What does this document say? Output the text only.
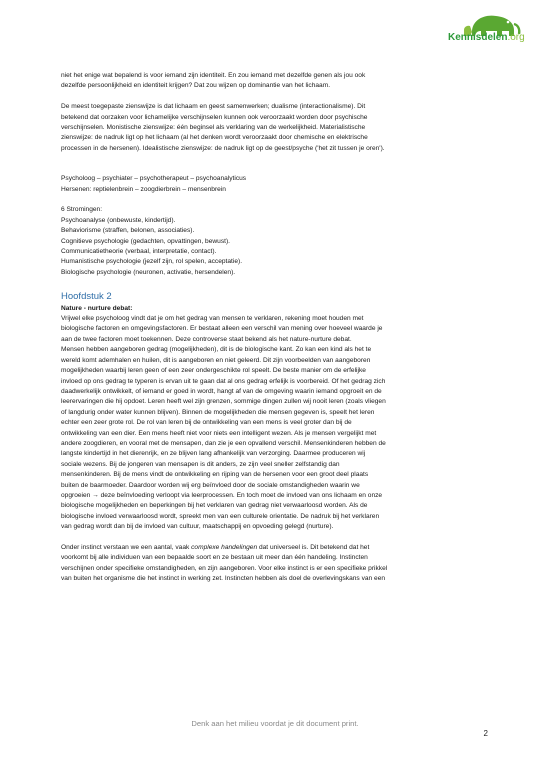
Kennisdelen.org

niet het enige wat bepalend is voor iemand zijn identiteit. En zou iemand met dezelfde genen als jou ook

dezelfde persoonlijkheid en identiteit krijgen? Dat zou wijzen op dominantie van het lichaam.

De meest toegepaste zienswijze is dat lichaam en geest samenwerken; dualisme (interactionalisme). Dit

betekend dat oorzaken voor lichamelijke verschijnselen kunnen ook veroorzaakt worden door psychische

verschijnselen. Monistische zienswijze: één beginsel als verklaring van de werkelijkheid. Materialistische

zienswijze: de nadruk ligt op het lichaam (al het denken wordt veroorzaakt door chemische en elektrische

processen in de hersenen). Idealistische zienswijze: de nadruk ligt op de geest/psyche ('het zit tussen je oren').

Psycholoog – psychiater – psychotherapeut – psychoanalyticus

Hersenen: reptielenbrein – zoogdierbrein – mensenbrein

6 Stromingen:

Psychoanalyse (onbewuste, kindertijd).

Behaviorisme (straffen, belonen, associaties).

Cognitieve psychologie (gedachten, opvattingen, bewust).

Communicatietheorie (verbaal, interpretatie, contact).

Humanistische psychologie (jezelf zijn, rol spelen, acceptatie).

Biologische psychologie (neuronen, activatie, hersendelen).

Hoofdstuk 2

Nature - nurture debat:

Vrijwel elke psycholoog vindt dat je om het gedrag van mensen te verklaren, rekening moet houden met

biologische factoren en omgevingsfactoren. Er bestaat alleen een verschil van mening over hoeveel waarde je

aan de twee factoren moet toekennen. Deze controverse staat bekend als het nature-nurture debat.

Mensen hebben aangeboren gedrag (mogelijkheden), dit is de biologische kant. Zo kan een kind als het te

wereld komt ademhalen en huilen, dit is aangeboren en niet geleerd. Dit zijn voorbeelden van aangeboren

mogelijkheden waarbij leren geen of een zeer ondergeschikte rol speelt. De beste manier om de erfelijke

invloed op ons gedrag te typeren is ervan uit te gaan dat al ons gedrag erfelijk is voorbereid. Of het gedrag zich

daadwerkelijk ontwikkelt, of iemand er goed in wordt, hangt af van de omgeving waarin iemand opgroeit en de

leerervaringen die hij opdoet. Leren heeft wel zijn grenzen, sommige dingen zullen wij nooit leren (zoals vliegen

of langdurig onder water kunnen blijven). Binnen de mogelijkheden die mensen gegeven is, speelt het leren

echter een zeer grote rol. De rol van leren bij de ontwikkeling van een mens is veel groter dan bij de

ontwikkeling van een dier. Een mens heeft niet voor niets een intelligent wezen. Als je mensen vergelijkt met

andere zoogdieren, en vooral met de mensapen, dan zie je een opvallend verschil. Mensenkinderen hebben de

langste kindertijd in het dierenrijk, en ze blijven lang afhankelijk van verzorging. Daarmee produceren wij

sociale wezens. Bij de jongeren van mensapen is dit anders, ze zijn veel sneller zelfstandig dan

mensenkinderen. Bij de mens vindt de ontwikkeling en rijping van de hersenen voor een groot deel plaats

buiten de baarmoeder. Daardoor worden wij erg beïnvloed door de sociale omstandigheden waarin we

opgroeien → deze beïnvloeding verloopt via leerprocessen. En toch moet de invloed van ons lichaam en onze

biologische mogelijkheden en beperkingen bij het verklaren van gedrag niet verwaarloosd worden. Als de

biologische invloed verwaarloosd wordt, spreekt men van een culturele orientatie. De nadruk bij het verklaren

van gedrag wordt dan bij de invloed van cultuur, maatschappij en opvoeding gelegd (nurture).

Onder instinct verstaan we een aantal, vaak complexe handelingen dat universeel is. Dit betekend dat het

voorkomt bij alle individuen van een bepaalde soort en ze bestaan uit meer dan één handeling. Instincten

verschijnen onder specifieke omstandigheden, en zijn aangeboren. Voor elke instinct is er een specifieke prikkel

van buiten het organisme die het instinct in werking zet. Instincten hebben als doel de overlevingskans van een

Denk aan het milieu voordat je dit document print.
2
